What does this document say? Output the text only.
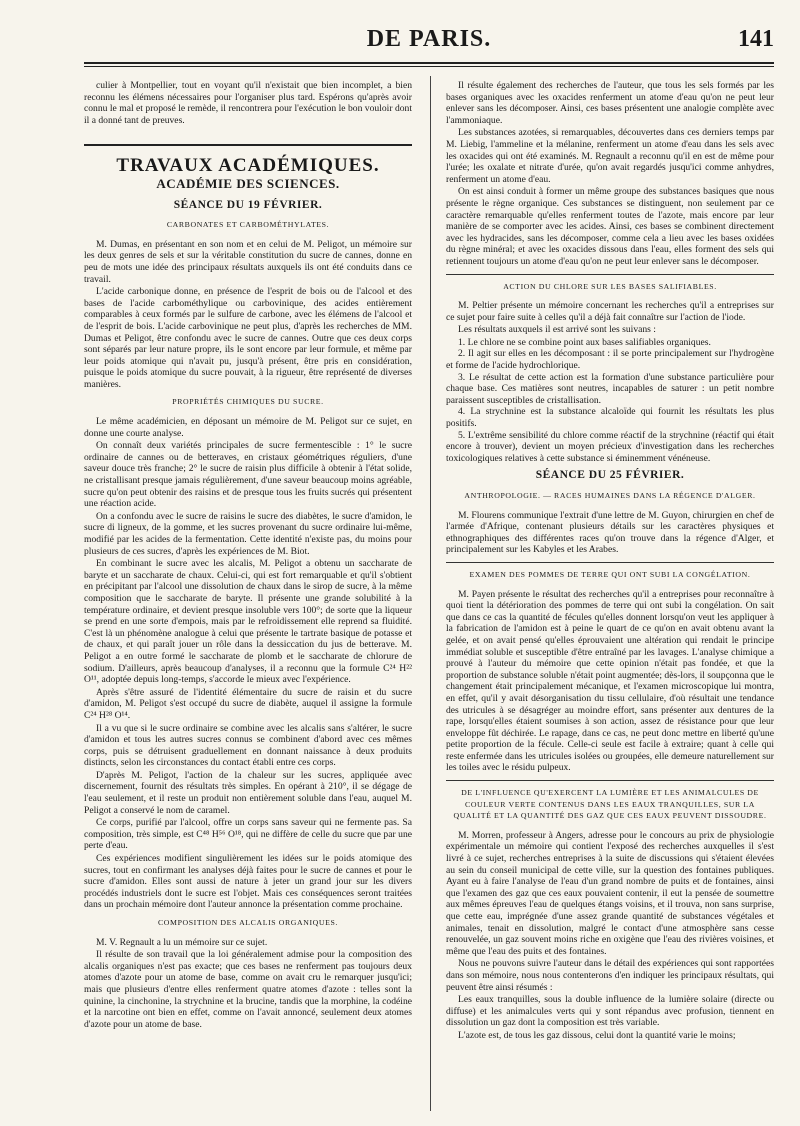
DE PARIS.	141

culier à Montpellier, tout en voyant qu'il n'existait que bien incomplet, a bien reconnu les élémens nécessaires pour l'organiser plus tard. Espérons qu'après avoir connu le mal et proposé le remède, il rencontrera pour l'exécution le bon vouloir dont il a donné tant de preuves.

TRAVAUX ACADÉMIQUES.
ACADÉMIE DES SCIENCES.
SÉANCE DU 19 FÉVRIER.
CARBONATES ET CARBOMÉTHYLATES.

M. Dumas, en présentant en son nom et en celui de M. Peligot, un mémoire sur les deux genres de sels et sur la véritable constitution du sucre de cannes, donne en peu de mots une idée des principaux résultats auxquels ils ont été conduits dans ce travail.

L'acide carbonique donne, en présence de l'esprit de bois ou de l'alcool et des bases de l'acide carbométhylique ou carbovinique, des acides entièrement comparables à ceux formés par le sulfure de carbone, avec les élémens de l'alcool et de l'esprit de bois. L'acide carbovinique ne peut plus, d'après les recherches de MM. Dumas et Peligot, être confondu avec le sucre de cannes. Outre que ces deux corps sont séparés par leur nature propre, ils le sont encore par leur formule, et même par leur poids atomique qui n'avait pu, jusqu'à présent, être pris en considération, puisque le poids atomique du sucre pouvait, à la rigueur, être représenté de diverses manières.

PROPRIÉTÉS CHIMIQUES DU SUCRE.

Le même académicien, en déposant un mémoire de M. Peligot sur ce sujet, en donne une courte analyse.

On connaît deux variétés principales de sucre fermentescible : 1° le sucre ordinaire de cannes ou de betteraves, en cristaux géométriques réguliers, d'une saveur douce très franche; 2° le sucre de raisin plus difficile à obtenir à l'état solide, ne cristallisant presque jamais régulièrement, d'une saveur beaucoup moins agréable, sucre qu'on peut obtenir des raisins et de presque tous les fruits sucrés qui présentent une réaction acide.

On a confondu avec le sucre de raisins le sucre des diabètes, le sucre d'amidon, le sucre di ligneux, de la gomme, et les sucres provenant du sucre ordinaire lui-même, modifié par les acides de la fermentation. Cette identité n'existe pas, du moins pour plusieurs de ces sucres, d'après les expériences de M. Biot.

En combinant le sucre avec les alcalis, M. Peligot a obtenu un saccharate de baryte et un saccharate de chaux. Celui-ci, qui est fort remarquable et qu'il s'obtient en précipitant par l'alcool une dissolution de chaux dans le sirop de sucre, à la même composition que le saccharate de baryte. Il présente une grande solubilité à la température ordinaire, et devient presque insoluble vers 100°; de sorte que la liqueur se prend en une sorte d'empois, mais par le refroidissement elle reprend sa fluidité. C'est là un phénomène analogue à celui que présente le tartrate basique de potasse et de chaux, et qui paraît jouer un rôle dans la dessiccation du jus de betterave. M. Peligot a en outre formé le saccharate de plomb et le saccharate de chlorure de sodium. D'ailleurs, après beaucoup d'analyses, il a reconnu que la formule C²⁴ H²² O¹¹, adoptée depuis long-temps, s'accorde le mieux avec l'expérience.

Après s'être assuré de l'identité élémentaire du sucre de raisin et du sucre d'amidon, M. Peligot s'est occupé du sucre de diabète, auquel il assigne la formule C²⁴ H²⁸ O¹⁴.

Il a vu que si le sucre ordinaire se combine avec les alcalis sans s'altérer, le sucre d'amidon et tous les autres sucres connus se combinent d'abord avec ces mêmes corps, puis se détruisent graduellement en donnant naissance à deux produits distincts, selon les circonstances du contact établi entre ces corps.

D'après M. Peligot, l'action de la chaleur sur les sucres, appliquée avec discernement, fournit des résultats très simples. En opérant à 210°, il se dégage de l'eau seulement, et il reste un produit non entièrement soluble dans l'eau, auquel M. Peligot a conservé le nom de caramel.

Ce corps, purifié par l'alcool, offre un corps sans saveur qui ne fermente pas. Sa composition, très simple, est C⁴⁸ H⁵⁶ O¹⁸, qui ne diffère de celle du sucre que par une perte d'eau.

Ces expériences modifient singulièrement les idées sur le poids atomique des sucres, tout en confirmant les analyses déjà faites pour le sucre de cannes et pour le sucre d'amidon. Elles sont aussi de nature à jeter un grand jour sur les divers procédés industriels dont le sucre est l'objet. Mais ces conséquences seront traitées dans un prochain mémoire dont l'auteur annonce la présentation comme prochaine.

COMPOSITION DES ALCALIS ORGANIQUES.

M. V. Regnault a lu un mémoire sur ce sujet.

Il résulte de son travail que la loi généralement admise pour la composition des alcalis organiques n'est pas exacte; que ces bases ne renferment pas toujours deux atomes d'azote pour un atome de base, comme on avait cru le remarquer jusqu'ici; mais que plusieurs d'entre elles renferment quatre atomes d'azote : telles sont la quinine, la cinchonine, la strychnine et la brucine, tandis que la morphine, la codéine et la narcotine ont bien en effet, comme on l'avait annoncé, seulement deux atomes d'azote pour un atome de base.

Il résulte également des recherches de l'auteur, que tous les sels formés par les bases organiques avec les oxacides renferment un atome d'eau qu'on ne peut leur enlever sans les décomposer. Ainsi, ces bases présentent une analogie complète avec l'ammoniaque.

Les substances azotées, si remarquables, découvertes dans ces derniers temps par M. Liebig, l'ammeline et la mélanine, renferment un atome d'eau dans les sels avec les oxacides qui ont été examinés. M. Regnault a reconnu qu'il en est de même pour l'urée; les oxalate et nitrate d'urée, qu'on avait regardés jusqu'ici comme anhydres, renferment un atome d'eau.

On est ainsi conduit à former un même groupe des substances basiques que nous présente le règne organique. Ces substances se distinguent, non seulement par ce caractère remarquable qu'elles renferment toutes de l'azote, mais encore par leur manière de se comporter avec les acides. Ainsi, ces bases se combinent directement avec les hydracides, sans les décomposer, comme cela a lieu avec les bases oxidées du règne minéral; et avec les oxacides dissous dans l'eau, elles forment des sels qui retiennent toujours un atome d'eau qu'on ne peut leur enlever sans le décomposer.

ACTION DU CHLORE SUR LES BASES SALIFIABLES.

M. Peltier présente un mémoire concernant les recherches qu'il a entreprises sur ce sujet pour faire suite à celles qu'il a déjà fait connaître sur l'action de l'iode.

Les résultats auxquels il est arrivé sont les suivans :

1. Le chlore ne se combine point aux bases salifiables organiques.
2. Il agit sur elles en les décomposant : il se porte principalement sur l'hydrogène et forme de l'acide hydrochlorique.
3. Le résultat de cette action est la formation d'une substance particulière pour chaque base. Ces matières sont neutres, incapables de saturer : un petit nombre paraissent susceptibles de cristallisation.
4. La strychnine est la substance alcaloïde qui fournit les résultats les plus positifs.
5. L'extrême sensibilité du chlore comme réactif de la strychnine (réactif qui était encore à trouver), devient un moyen précieux d'investigation dans les recherches toxicologiques relatives à cette substance si éminemment vénéneuse.
SÉANCE DU 25 FÉVRIER.
ANTHROPOLOGIE. — RACES HUMAINES DANS LA RÉGENCE D'ALGER.

M. Flourens communique l'extrait d'une lettre de M. Guyon, chirurgien en chef de l'armée d'Afrique, contenant plusieurs détails sur les caractères physiques et ethnographiques des différentes races qu'on trouve dans la régence d'Alger, et principalement sur les Kabyles et les Arabes.

EXAMEN DES POMMES DE TERRE QUI ONT SUBI LA CONGÉLATION.

M. Payen présente le résultat des recherches qu'il a entreprises pour reconnaître à quoi tient la détérioration des pommes de terre qui ont subi la congélation. On sait que dans ce cas la quantité de fécules qu'elles donnent lorsqu'on veut les appliquer à la fabrication de l'amidon est à peine le quart de ce qu'on en avait obtenu avant la gelée, et on avait pensé qu'elles éprouvaient une altération qui rendait le principe immédiat soluble et susceptible d'être entraîné par les lavages. L'analyse chimique a prouvé à l'auteur du mémoire que cette opinion n'était pas fondée, et que la proportion de substance soluble n'était point augmentée; dès-lors, il soupçonna que le changement était principalement mécanique, et l'examen microscopique lui montra, en effet, qu'il y avait désorganisation du tissu cellulaire, d'où résultait une tendance des utricules à se désagréger au moindre effort, sans présenter aux dentures de la rape, lorsqu'elles étaient soumises à son action, assez de résistance pour que leur enveloppe fût déchirée. Le rapage, dans ce cas, ne peut donc mettre en liberté qu'une petite proportion de la fécule. Celle-ci seule est facile à extraire; quant à celle qui reste enfermée dans les utricules isolées ou groupées, elle demeure naturellement sur les toiles avec le résidu pulpeux.

DE L'INFLUENCE QU'EXERCENT LA LUMIÈRE ET LES ANIMALCULES DE COULEUR VERTE CONTENUS DANS LES EAUX TRANQUILLES, SUR LA QUALITÉ ET LA QUANTITÉ DES GAZ QUE CES EAUX PEUVENT DISSOUDRE.

M. Morren, professeur à Angers, adresse pour le concours au prix de physiologie expérimentale un mémoire qui contient l'exposé des recherches auxquelles il s'est livré à ce sujet, recherches entreprises à la suite de discussions qui s'étaient élevées au sein du conseil municipal de cette ville, sur la question des fontaines publiques. Ayant eu à faire l'analyse de l'eau d'un grand nombre de puits et de fontaines, ainsi que l'examen des gaz que ces eaux pouvaient contenir, il eut la pensée de soumettre aux mêmes épreuves l'eau de quelques étangs voisins, et il trouva, non sans surprise, que cette eau, imprégnée d'une assez grande quantité de substances végétales et animales, tenait en dissolution, malgré le contact d'une atmosphère sans cesse renouvelée, un gaz souvent moins riche en oxigène que l'eau des rivières voisines, et même que l'eau des puits et des fontaines.

Nous ne pouvons suivre l'auteur dans le détail des expériences qui sont rapportées dans son mémoire, nous nous contenterons d'en indiquer les principaux résultats, qui peuvent être ainsi résumés :

Les eaux tranquilles, sous la double influence de la lumière solaire (directe ou diffuse) et les animalcules verts qui y sont répandus avec profusion, tiennent en dissolution un gaz dont la composition est très variable.

L'azote est, de tous les gaz dissous, celui dont la quantité varie le moins;
